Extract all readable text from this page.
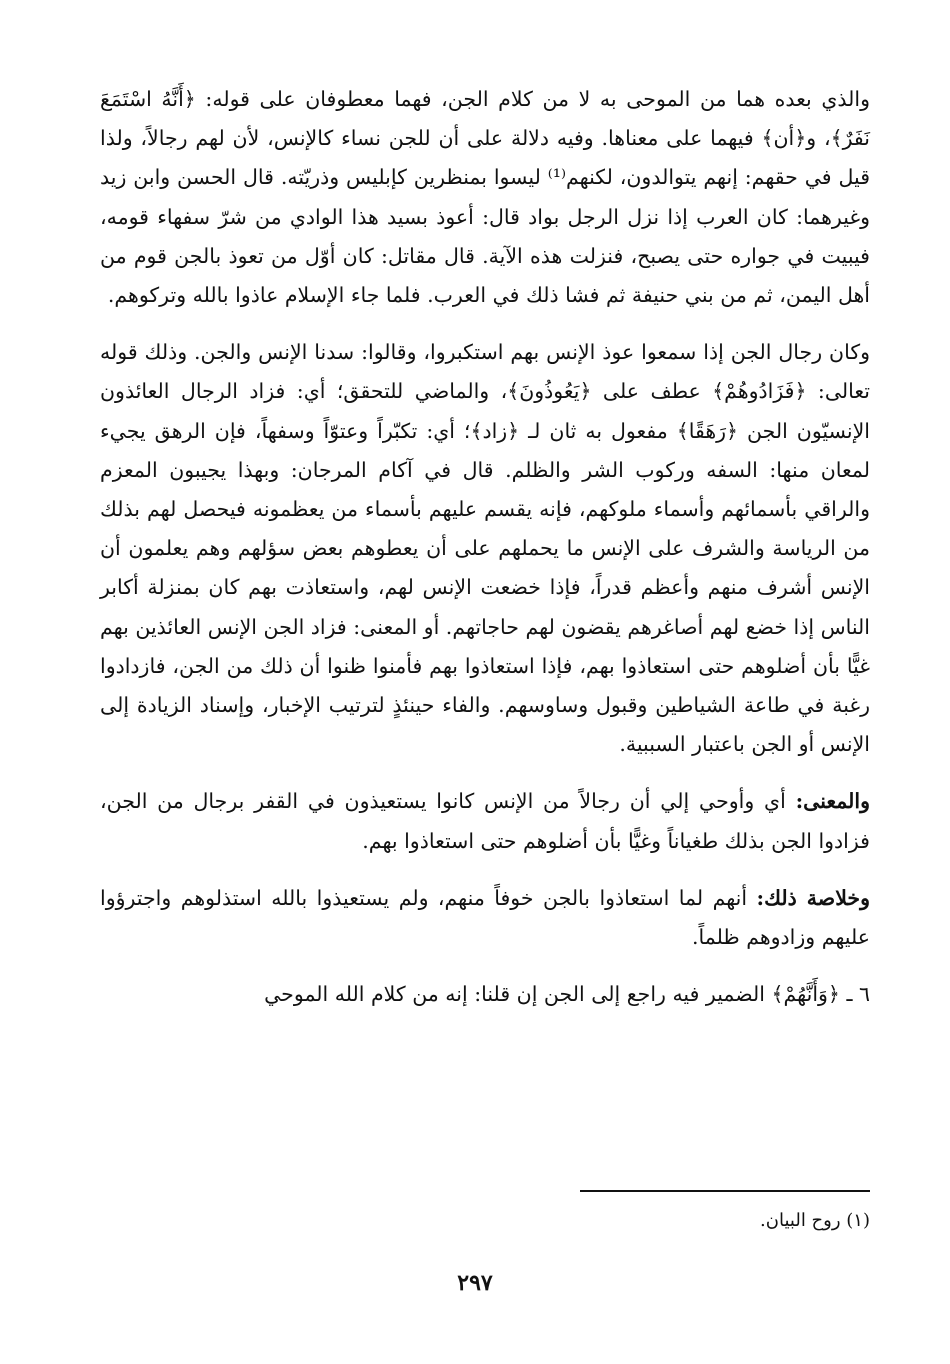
والذي بعده هما من الموحى به لا من كلام الجن، فهما معطوفان على قوله: ﴿أَنَّهُ اسْتَمَعَ نَفَرٌ﴾، و﴿أن﴾ فيهما على معناها. وفيه دلالة على أن للجن نساء كالإنس، لأن لهم رجالاً، ولذا قيل في حقهم: إنهم يتوالدون، لكنهم⁽¹⁾ ليسوا بمنظرين كإبليس وذريّته. قال الحسن وابن زيد وغيرهما: كان العرب إذا نزل الرجل بواد قال: أعوذ بسيد هذا الوادي من شرّ سفهاء قومه، فيبيت في جواره حتى يصبح، فنزلت هذه الآية. قال مقاتل: كان أوّل من تعوذ بالجن قوم من أهل اليمن، ثم من بني حنيفة ثم فشا ذلك في العرب. فلما جاء الإسلام عاذوا بالله وتركوهم.

وكان رجال الجن إذا سمعوا عوذ الإنس بهم استكبروا، وقالوا: سدنا الإنس والجن. وذلك قوله تعالى: ﴿فَزَادُوهُمْ﴾ عطف على ﴿يَعُوذُونَ﴾، والماضي للتحقق؛ أي: فزاد الرجال العائذون الإنسيّون الجن ﴿رَهَقًا﴾ مفعول به ثان لـ ﴿زاد﴾؛ أي: تكبّراً وعتوّاً وسفهاً، فإن الرهق يجيء لمعان منها: السفه وركوب الشر والظلم. قال في آكام المرجان: وبهذا يجيبون المعزم والراقي بأسمائهم وأسماء ملوكهم، فإنه يقسم عليهم بأسماء من يعظمونه فيحصل لهم بذلك من الرياسة والشرف على الإنس ما يحملهم على أن يعطوهم بعض سؤلهم وهم يعلمون أن الإنس أشرف منهم وأعظم قدراً، فإذا خضعت الإنس لهم، واستعاذت بهم كان بمنزلة أكابر الناس إذا خضع لهم أصاغرهم يقضون لهم حاجاتهم. أو المعنى: فزاد الجن الإنس العائذين بهم غيًّا بأن أضلوهم حتى استعاذوا بهم، فإذا استعاذوا بهم فأمنوا ظنوا أن ذلك من الجن، فازدادوا رغبة في طاعة الشياطين وقبول وساوسهم. والفاء حينئذٍ لترتيب الإخبار، وإسناد الزيادة إلى الإنس أو الجن باعتبار السببية.

والمعنى: أي وأوحي إلي أن رجالاً من الإنس كانوا يستعيذون في القفر برجال من الجن، فزادوا الجن بذلك طغياناً وغيًّا بأن أضلوهم حتى استعاذوا بهم.

وخلاصة ذلك: أنهم لما استعاذوا بالجن خوفاً منهم، ولم يستعيذوا بالله استذلوهم واجترؤوا عليهم وزادوهم ظلماً.

٦ ـ ﴿وَأَنَّهُمْ﴾ الضمير فيه راجع إلى الجن إن قلنا: إنه من كلام الله الموحي

(١) روح البيان.
٢٩٧
